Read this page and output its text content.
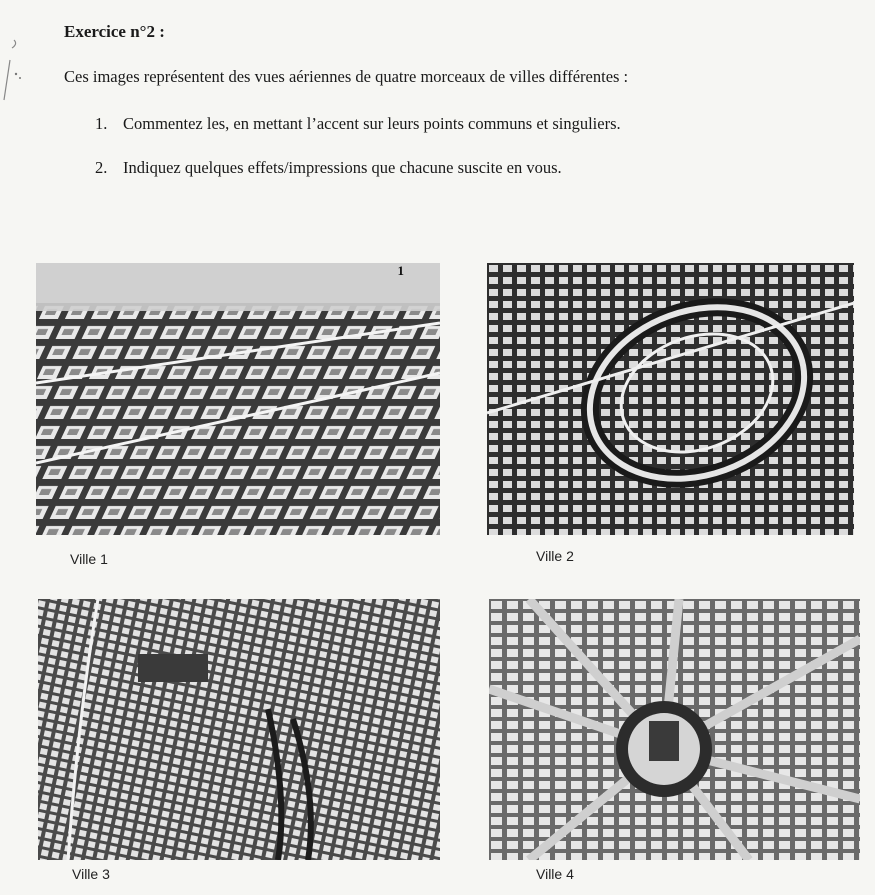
Exercice n°2 :
Ces images représentent des vues aériennes de quatre morceaux de villes différentes :
1. Commentez les, en mettant l’accent sur leurs points communs et singuliers.
2. Indiquez quelques effets/impressions que chacune suscite en vous.
1
Ville 1	Ville 2
Ville 3	Ville 4
